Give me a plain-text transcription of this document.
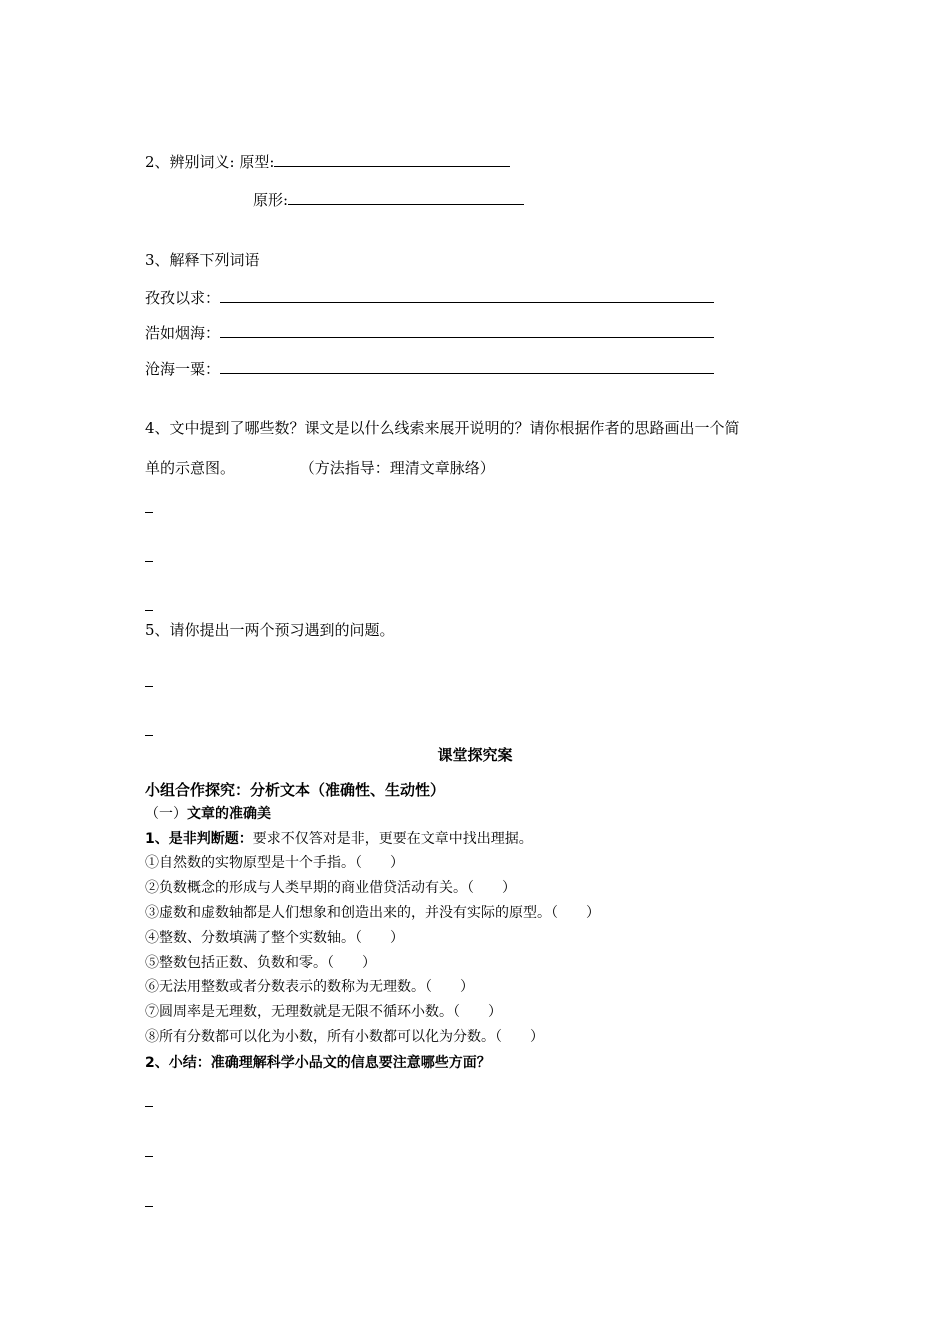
2、辨别词义: 原型:
原形:
3、解释下列词语
孜孜以求：
浩如烟海：
沧海一粟：
4、文中提到了哪些数？课文是以什么线索来展开说明的？请你根据作者的思路画出一个简
单的示意图。	（方法指导：理清文章脉络）
5、请你提出一两个预习遇到的问题。
课堂探究案
小组合作探究：分析文本（准确性、生动性）
（一）文章的准确美
1、是非判断题：要求不仅答对是非，更要在文章中找出理据。
①自然数的实物原型是十个手指。（　　）
②负数概念的形成与人类早期的商业借贷活动有关。（　　）
③虚数和虚数轴都是人们想象和创造出来的，并没有实际的原型。（　　）
④整数、分数填满了整个实数轴。（　　）
⑤整数包括正数、负数和零。（　　）
⑥无法用整数或者分数表示的数称为无理数。（　　）
⑦圆周率是无理数，无理数就是无限不循环小数。（　　）
⑧所有分数都可以化为小数，所有小数都可以化为分数。（　　）
2、小结：准确理解科学小品文的信息要注意哪些方面？
